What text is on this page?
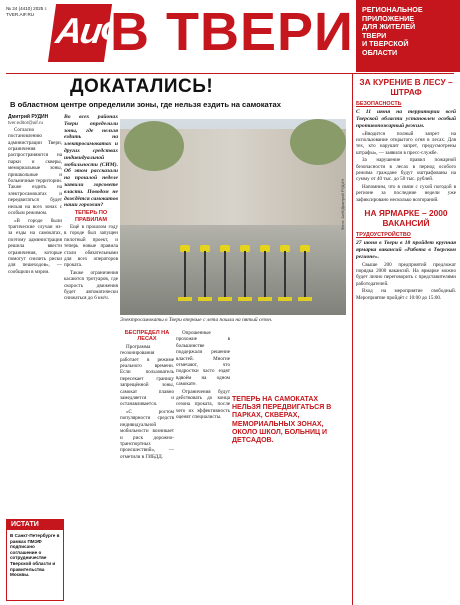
№ 24 (4410) 2025 г.
TVER.AIF.RU АиФ
В ТВЕРИ РЕГИОНАЛЬНОЕ
ПРИЛОЖЕНИЕ
ДЛЯ ЖИТЕЛЕЙ
ТВЕРИ
И ТВЕРСКОЙ
ОБЛАСТИ
ДОКАТАЛИСЬ!
В областном центре определили зоны, где нельзя ездить на самокатах
Дмитрий РУДИН
tver.editor@aif.ru

Согласно постановлению администрации Твери, ограничения распространяются на парки и скверы, мемориальные зоны, пришкольные и больничные территории. Также ездить на электросамокатах и передвигаться будет нельзя на всех зонах с особым режимом.

«В городе были трагические случаи из-за езды на самокатах, поэтому администрация решила ввести ограничения, которые помогут снизить риски для пешеходов», — сообщили в мэрии.

Во всех районах Твери определили зоны, где нельзя ездить на электросамокатах и других средствах индивидуальной мобильности (СИМ). Об этом рассказали на прошлой неделе заявили горсовете власти. Поводом не дождётся самокатов наши горожан?

ТЕПЕРЬ ПО ПРАВИЛАМ

Ещё в прошлом году в городе был запущен пилотный проект, и теперь новые правила стали обязательными для всех операторов проката.

Также ограничения касаются тротуаров, где скорость движения будет автоматически снижаться до 6 км/ч.

Фото: АиФ/Дмитрий РУДИН
Электросамокаты в Твери впервые с лета пошли на пятый сезон.

БЕСПРЕДЕЛ НА ЛЕСАХ

Программа геозонирования работает в режиме реального времени. Если пользователь пересекает границу запрещённой зоны, самокат плавно замедляется и останавливается.

«С ростом популярности средств индивидуальной мобильности возникает и риск дорожно-транспортных происшествий», — отметили в ГИБДД.

Опрошенные прохожие в большинстве поддержали решение властей. Многие отмечают, что подростки часто ездят вдвоём на одном самокате.

Ограничения будут действовать до конца сезона проката, после чего их эффективность оценят специалисты.

ТЕПЕРЬ НА САМОКАТАХ НЕЛЬЗЯ ПЕРЕДВИГАТЬСЯ В ПАРКАХ, СКВЕРАХ, МЕМОРИАЛЬНЫХ ЗОНАХ, ОКОЛО ШКОЛ, БОЛЬНИЦ И ДЕТСАДОВ.
ИСТАТИ
В Санкт-Петербурге в рамках ПМЭФ подписано соглашение о сотрудничестве Тверской области и правительства Москвы.
ЗА КУРЕНИЕ В ЛЕСУ – ШТРАФ
БЕЗОПАСНОСТЬ

С 11 июня на территории всей Тверской области установлен особый противопожарный режим.

«Вводится полный запрет на использование открытого огня в лесах. Для тех, кто нарушит запрет, предусмотрены штрафы», — заявили в пресс-службе.

За нарушение правил пожарной безопасности в лесах в период особого режима граждане будут оштрафованы на сумму от 40 тыс. до 50 тыс. рублей.

Напомним, что в связи с сухой погодой в регионе за последние недели уже зафиксировано несколько возгораний.

НА ЯРМАРКЕ – 2000 ВАКАНСИЙ
ТРУДОУСТРОЙСТВО

27 июня в Твери в 18 пройдет крупная ярмарка вакансий «Работа в Тверском регионе».

Свыше 200 предприятий предложат порядка 2000 вакансий. На ярмарке можно будет лично переговорить с представителями работодателей.

Вход на мероприятие свободный. Мероприятие пройдёт с 10:00 до 15:00.
